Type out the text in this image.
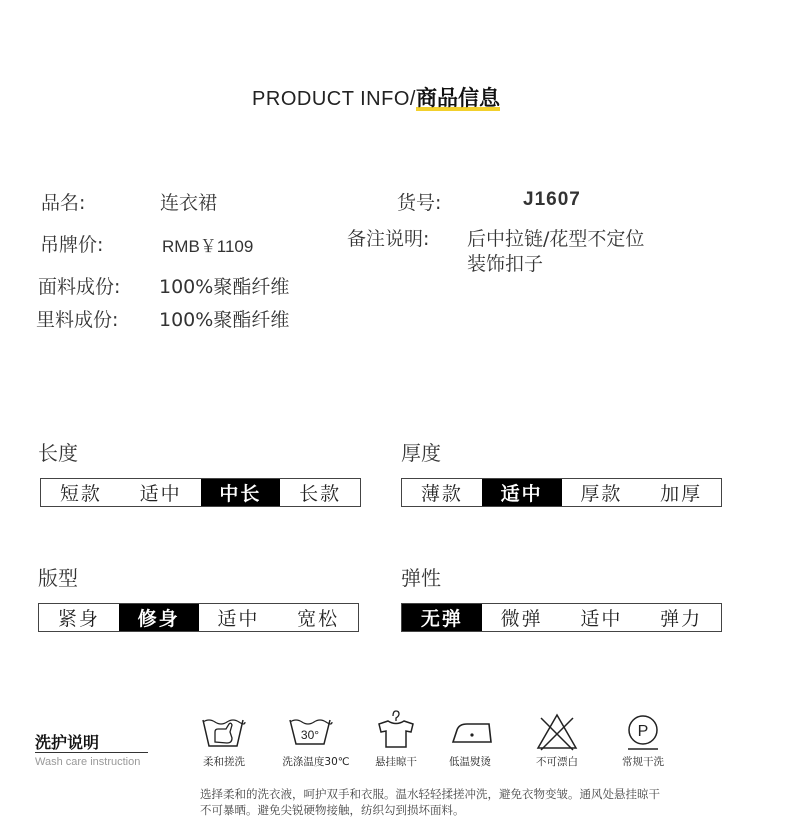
PRODUCT INFO/商品信息
品名:	连衣裙	货号:	J1607
吊牌价:	RMB￥1109	备注说明: 后中拉链/花型不定位
装饰扣子
面料成份: 100%聚酯纤维
里料成份: 100%聚酯纤维
长度
短款	适中	中长	长款
厚度
薄款	适中	厚款	加厚
版型
紧身	修身	适中	宽松
弹性
无弹	微弹	适中	弹力
洗护说明
Wash care instruction
30°	P
柔和搓洗	洗涤温度30℃	悬挂晾干	低温熨烫	不可漂白	常规干洗
选择柔和的洗衣液，呵护双手和衣服。温水轻轻揉搓冲洗，避免衣物变皱。通风处悬挂晾干
不可暴晒。避免尖锐硬物接触，纺织勾到损坏面料。
